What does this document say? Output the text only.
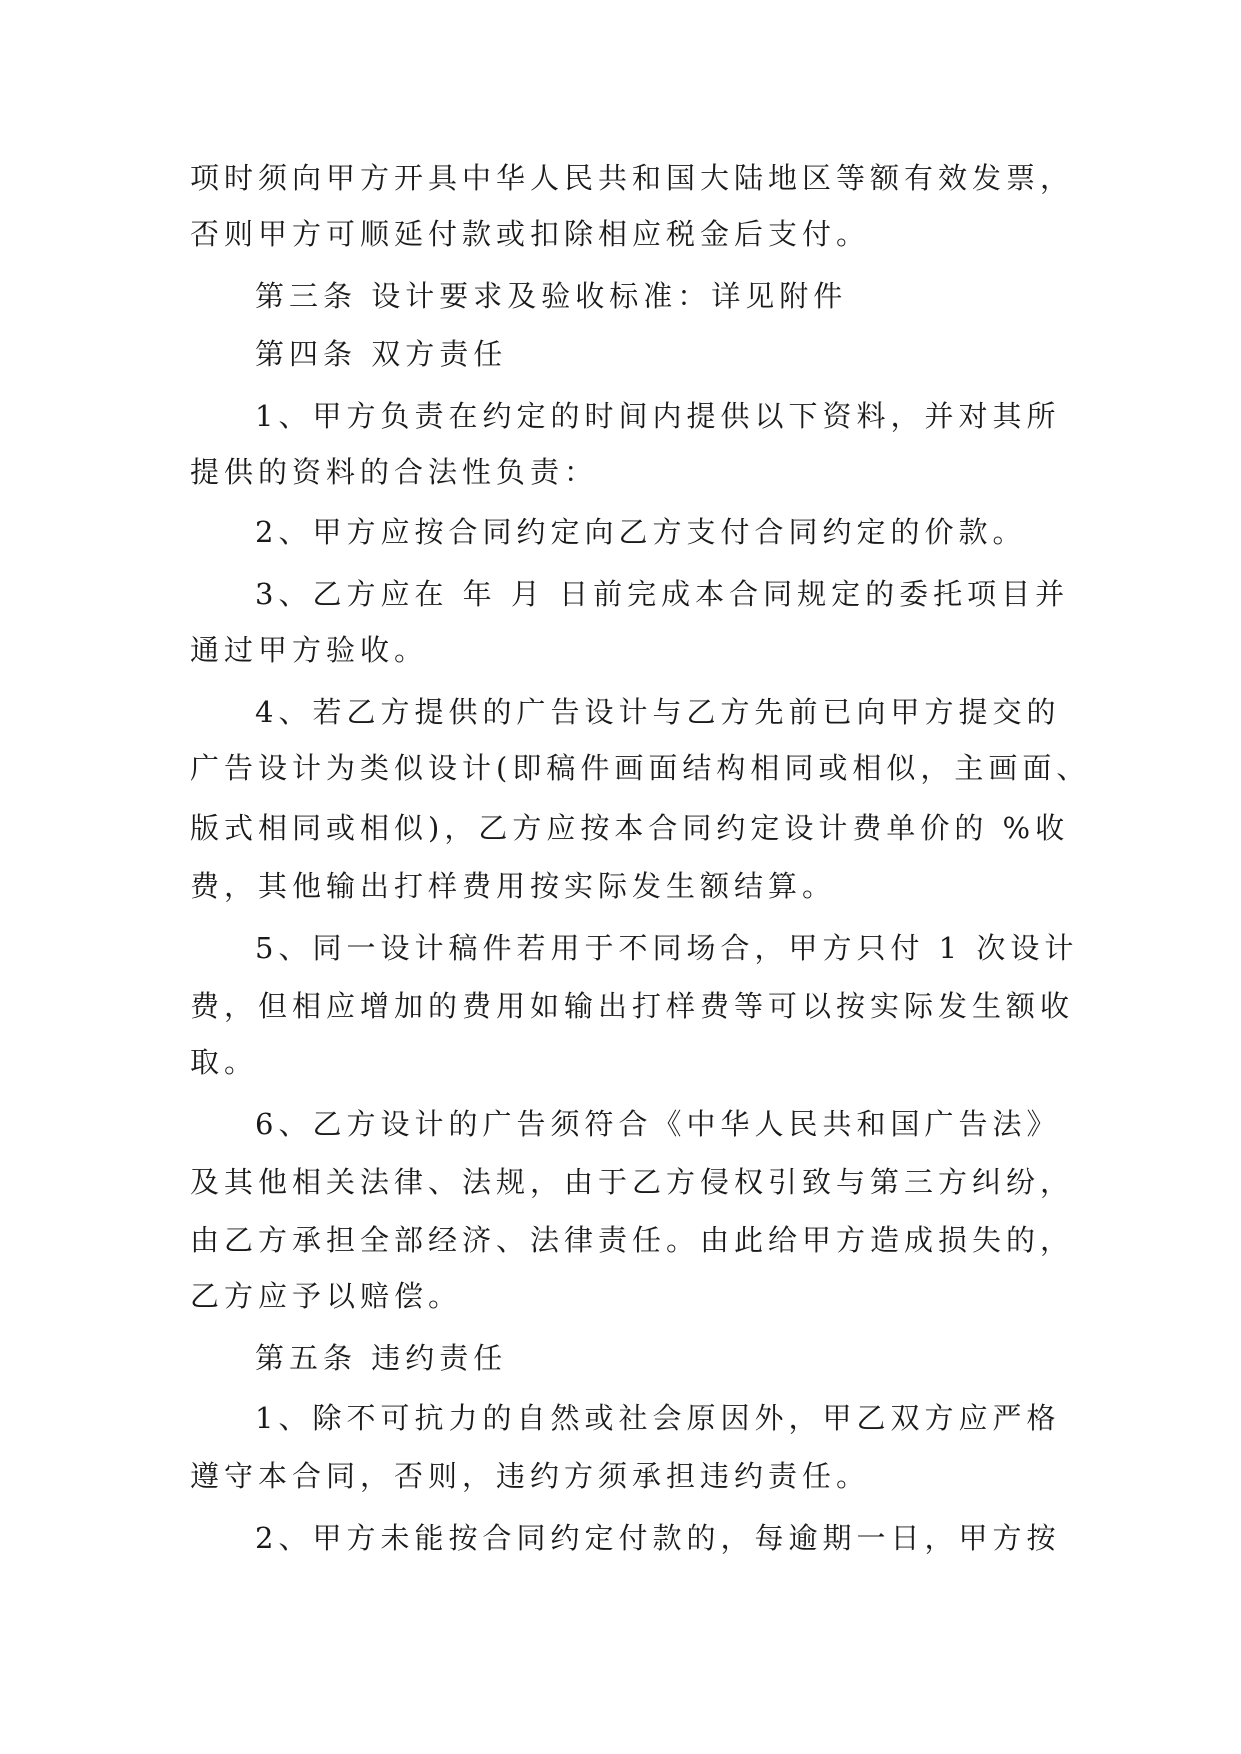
项时须向甲方开具中华人民共和国大陆地区等额有效发票，
否则甲方可顺延付款或扣除相应税金后支付。
第三条 设计要求及验收标准：详见附件
第四条 双方责任
1、甲方负责在约定的时间内提供以下资料，并对其所
提供的资料的合法性负责：
2、甲方应按合同约定向乙方支付合同约定的价款。
3、乙方应在 年 月 日前完成本合同规定的委托项目并
通过甲方验收。
4、若乙方提供的广告设计与乙方先前已向甲方提交的
广告设计为类似设计(即稿件画面结构相同或相似，主画面、
版式相同或相似)，乙方应按本合同约定设计费单价的 %收
费，其他输出打样费用按实际发生额结算。
5、同一设计稿件若用于不同场合，甲方只付 1 次设计
费，但相应增加的费用如输出打样费等可以按实际发生额收
取。
6、乙方设计的广告须符合《中华人民共和国广告法》
及其他相关法律、法规，由于乙方侵权引致与第三方纠纷，
由乙方承担全部经济、法律责任。由此给甲方造成损失的，
乙方应予以赔偿。
第五条 违约责任
1、除不可抗力的自然或社会原因外，甲乙双方应严格
遵守本合同，否则，违约方须承担违约责任。
2、甲方未能按合同约定付款的，每逾期一日，甲方按
